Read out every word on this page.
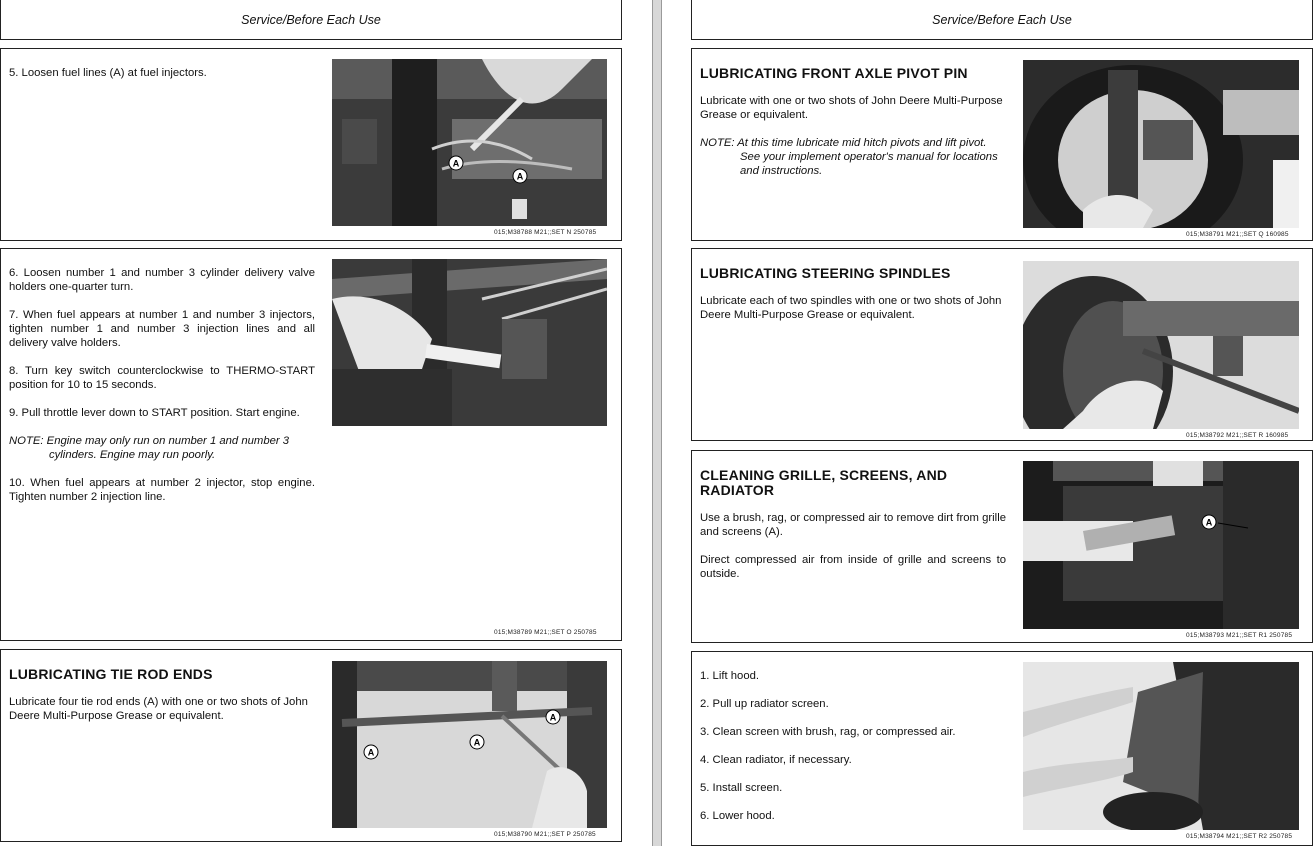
Service/Before Each Use

5. Loosen fuel lines (A) at fuel injectors.

A
A
015;M38788 M21;;SET N 250785

6. Loosen number 1 and number 3 cylinder delivery valve holders one-quarter turn.

7. When fuel appears at number 1 and number 3 injectors, tighten number 1 and number 3 injection lines and all delivery valve holders.

8. Turn key switch counterclockwise to THERMO-START position for 10 to 15 seconds.

9. Pull throttle lever down to START position. Start engine.

NOTE: Engine may only run on number 1 and number 3
cylinders. Engine may run poorly.

10. When fuel appears at number 2 injector, stop engine. Tighten number 2 injection line.

015;M38789 M21;;SET O 250785
LUBRICATING TIE ROD ENDS

Lubricate four tie rod ends (A) with one or two shots of John Deere Multi-Purpose Grease or equivalent.

A
A
A
015;M38790 M21;;SET P 250785
Service/Before Each Use
LUBRICATING FRONT AXLE PIVOT PIN

Lubricate with one or two shots of John Deere Multi-Purpose Grease or equivalent.

NOTE: At this time lubricate mid hitch pivots and lift pivot.
See your implement operator's manual for locations
and instructions.

015;M38791 M21;;SET Q 160985
LUBRICATING STEERING SPINDLES

Lubricate each of two spindles with one or two shots of John Deere Multi-Purpose Grease or equivalent.

015;M38792 M21;;SET R 160985
CLEANING GRILLE, SCREENS, AND
RADIATOR

Use a brush, rag, or compressed air to remove dirt from grille and screens (A).

Direct compressed air from inside of grille and screens to outside.

A
015;M38793 M21;;SET R1 250785

1. Lift hood.

2. Pull up radiator screen.

3. Clean screen with brush, rag, or compressed air.

4. Clean radiator, if necessary.

5. Install screen.

6. Lower hood.

015;M38794 M21;;SET R2 250785
